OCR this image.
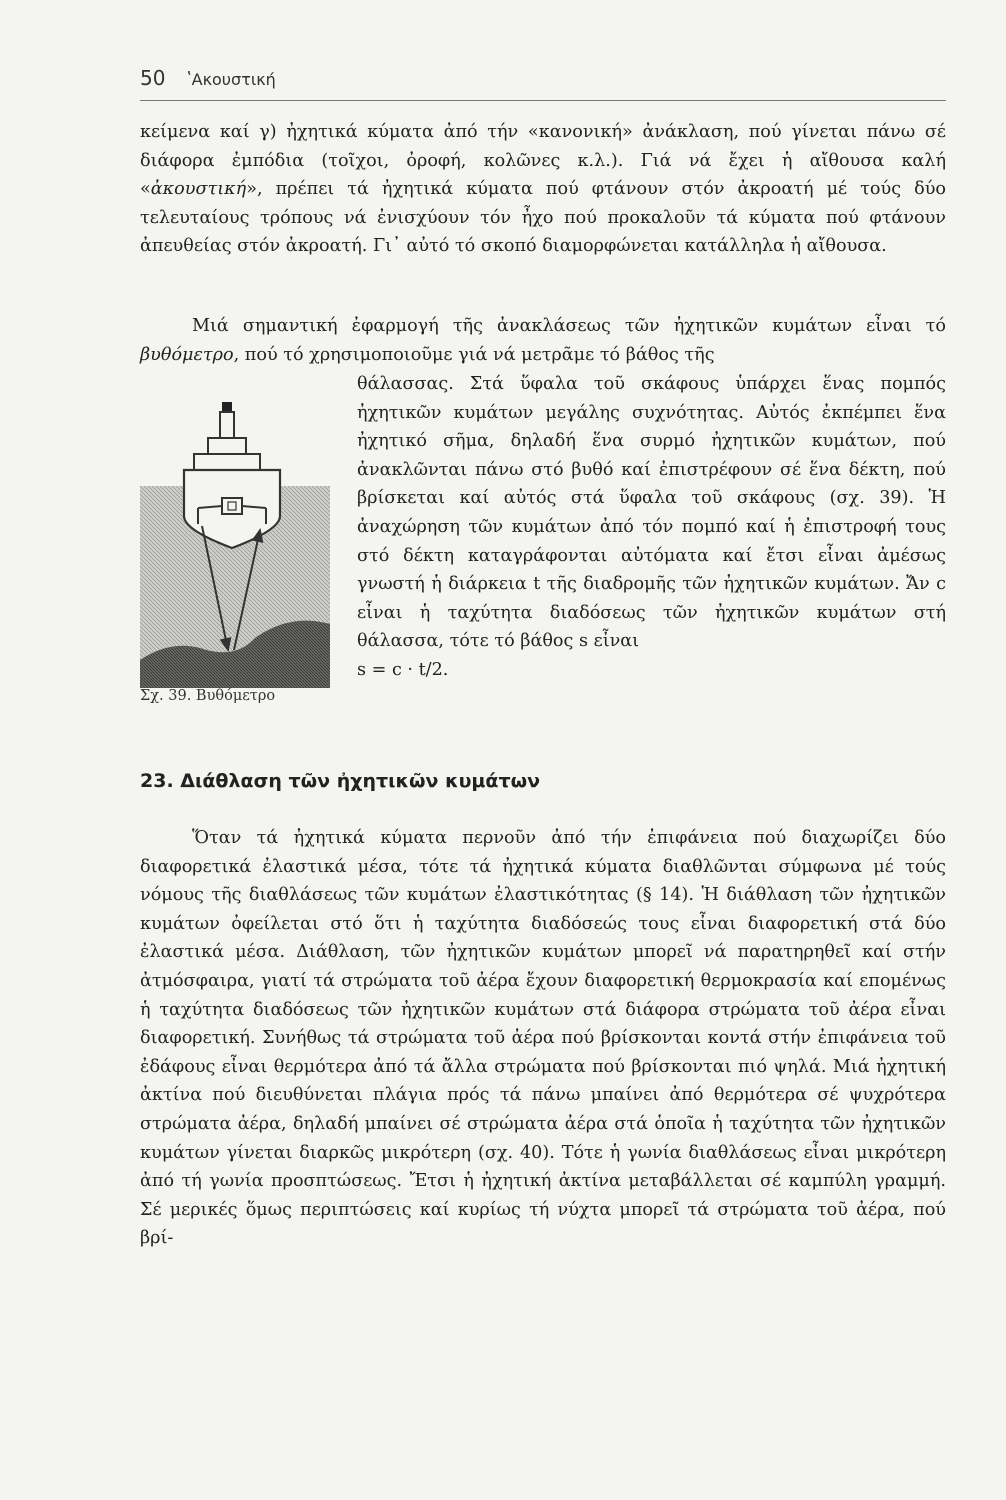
50 ʽΑκουστική

κείμενα καί γ) ἠχητικά κύματα ἀπό τήν «κανονική» ἀνάκλαση, πού γίνεται πάνω σέ διάφορα ἐμπόδια (τοῖχοι, ὀροφή, κολῶνες κ.λ.). Γιά νά ἔχει ἡ αἴθουσα καλή «ἀκουστική», πρέπει τά ἠχητικά κύματα πού φτάνουν στόν ἀκροατή μέ τούς δύο τελευταίους τρόπους νά ἐνισχύουν τόν ἦχο πού προκαλοῦν τά κύματα πού φτάνουν ἀπευθείας στόν ἀκροατή. Γι᾽ αὐτό τό σκοπό διαμορφώνεται κατάλληλα ἡ αἴθουσα.

Μιά σημαντική ἐφαρμογή τῆς ἀνακλάσεως τῶν ἠχητικῶν κυμάτων εἶναι τό βυθόμετρο, πού τό χρησιμοποιοῦμε γιά νά μετρᾶμε τό βάθος τῆς

Σχ. 39. Βυθόμετρο

θάλασσας. Στά ὕφαλα τοῦ σκάφους ὑπάρχει ἕνας πομπός ἠχητικῶν κυμάτων μεγάλης συχνότητας. Αὐτός ἐκπέμπει ἕνα ἠχητικό σῆμα, δηλαδή ἕνα συρμό ἠχητικῶν κυμάτων, πού ἀνακλῶνται πάνω στό βυθό καί ἐπιστρέφουν σέ ἕνα δέκτη, πού βρίσκεται καί αὐτός στά ὕφαλα τοῦ σκάφους (σχ. 39). Ἡ ἀναχώρηση τῶν κυμάτων ἀπό τόν πομπό καί ἡ ἐπιστροφή τους στό δέκτη καταγράφονται αὐτόματα καί ἔτσι εἶναι ἀμέσως γνωστή ἡ διάρκεια t τῆς διαδρομῆς τῶν ἠχητικῶν κυμάτων. Ἄν c εἶναι ἡ ταχύτητα διαδόσεως τῶν ἠχητικῶν κυμάτων στή θάλασσα, τότε τό βάθος s εἶναι

s = c · t/2.

23. Διάθλαση τῶν ἠχητικῶν κυμάτων

Ὅταν τά ἠχητικά κύματα περνοῦν ἀπό τήν ἐπιφάνεια πού διαχωρίζει δύο διαφορετικά ἐλαστικά μέσα, τότε τά ἠχητικά κύματα διαθλῶνται σύμφωνα μέ τούς νόμους τῆς διαθλάσεως τῶν κυμάτων ἐλαστικότητας (§ 14). Ἡ διάθλαση τῶν ἠχητικῶν κυμάτων ὀφείλεται στό ὅτι ἡ ταχύτητα διαδόσεώς τους εἶναι διαφορετική στά δύο ἐλαστικά μέσα. Διάθλαση, τῶν ἠχητικῶν κυμάτων μπορεῖ νά παρατηρηθεῖ καί στήν ἀτμόσφαιρα, γιατί τά στρώματα τοῦ ἀέρα ἔχουν διαφορετική θερμοκρασία καί επομένως ἡ ταχύτητα διαδόσεως τῶν ἠχητικῶν κυμάτων στά διάφορα στρώματα τοῦ ἀέρα εἶναι διαφορετική. Συνήθως τά στρώματα τοῦ ἀέρα πού βρίσκονται κοντά στήν ἐπιφάνεια τοῦ ἐδάφους εἶναι θερμότερα ἀπό τά ἄλλα στρώματα πού βρίσκονται πιό ψηλά. Μιά ἠχητική ἀκτίνα πού διευθύνεται πλάγια πρός τά πάνω μπαίνει ἀπό θερμότερα σέ ψυχρότερα στρώματα ἀέρα, δηλαδή μπαίνει σέ στρώματα ἀέρα στά ὁποῖα ἡ ταχύτητα τῶν ἠχητικῶν κυμάτων γίνεται διαρκῶς μικρότερη (σχ. 40). Τότε ἡ γωνία διαθλάσεως εἶναι μικρότερη ἀπό τή γωνία προσπτώσεως. Ἔτσι ἡ ἠχητική ἀκτίνα μεταβάλλεται σέ καμπύλη γραμμή. Σέ μερικές ὅμως περιπτώσεις καί κυρίως τή νύχτα μπορεῖ τά στρώματα τοῦ ἀέρα, πού βρί-
